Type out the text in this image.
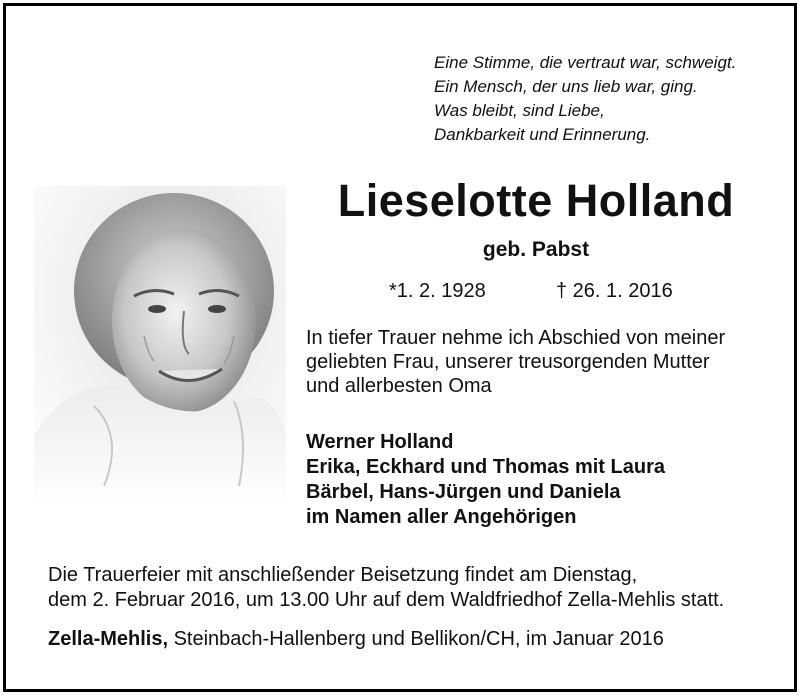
Eine Stimme, die vertraut war, schweigt.
Ein Mensch, der uns lieb war, ging.
Was bleibt, sind Liebe,
Dankbarkeit und Erinnerung.
Lieselotte Holland
geb. Pabst
*1. 2. 1928	† 26. 1. 2016
In tiefer Trauer nehme ich Abschied von meiner
geliebten Frau, unserer treusorgenden Mutter
und allerbesten Oma
Werner Holland
Erika, Eckhard und Thomas mit Laura
Bärbel, Hans-Jürgen und Daniela
im Namen aller Angehörigen
Die Trauerfeier mit anschließender Beisetzung findet am Dienstag,
dem 2. Februar 2016, um 13.00 Uhr auf dem Waldfriedhof Zella-Mehlis statt.
Zella-Mehlis, Steinbach-Hallenberg und Bellikon/CH, im Januar 2016
